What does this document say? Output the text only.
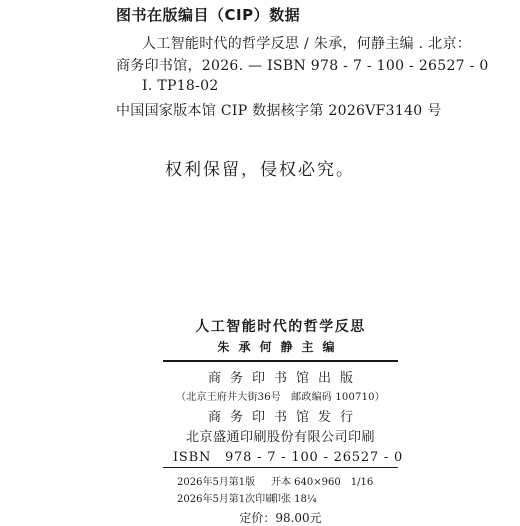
图书在版编目（CIP）数据
人工智能时代的哲学反思 / 朱承，何静主编 . 北京：
商务印书馆，2026. — ISBN 978 - 7 - 100 - 26527 - 0
Ⅰ. TP18-02
中国国家版本馆 CIP 数据核字第 2026VF3140 号
权利保留，侵权必究。
人工智能时代的哲学反思
朱承何静主编
商务印书馆出版
（北京王府井大街36号　邮政编码 100710）
商务印书馆发行
北京盛通印刷股份有限公司印刷
ISBN　978 - 7 - 100 - 26527 - 0
2026年5月第1版 开本 640×960　1/16
2026年5月第1次印刷
印张 18¼
定价：98.00元
